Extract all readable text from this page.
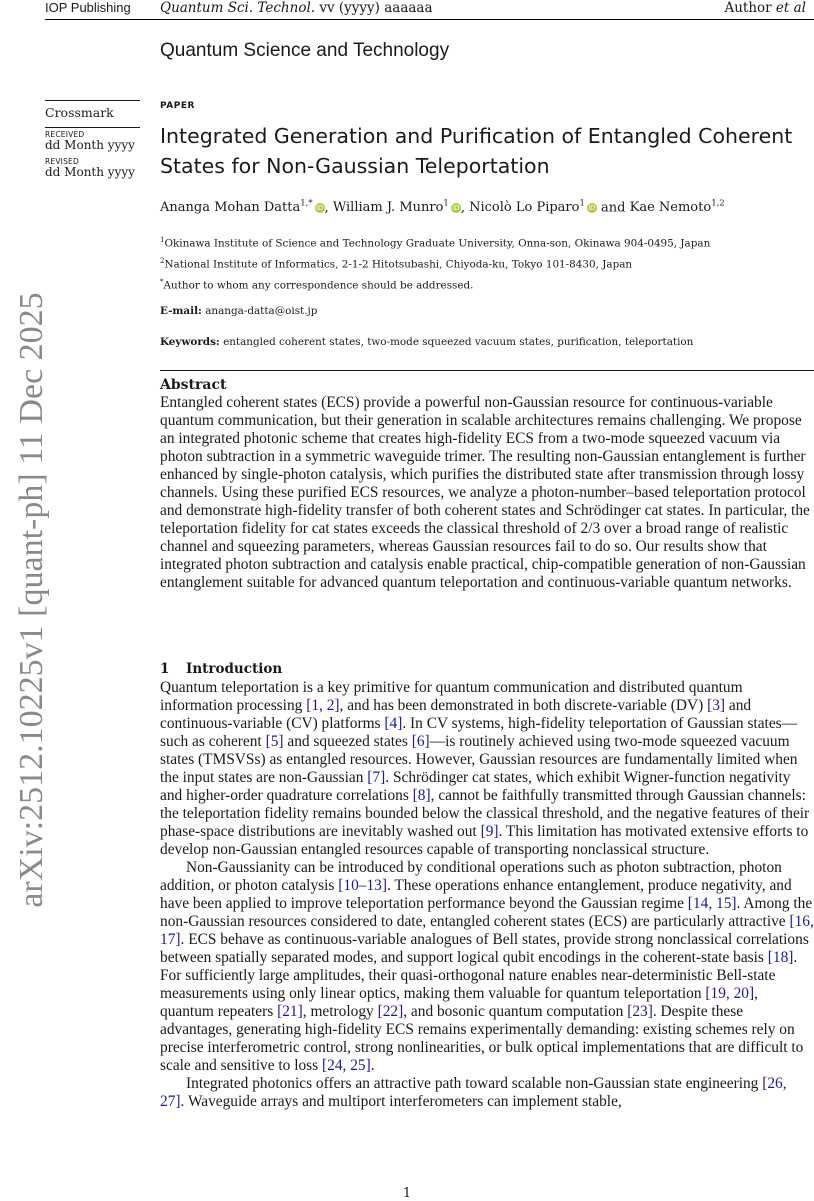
IOP Publishing Quantum Sci. Technol. vv (yyyy) aaaaaa	Author et al
Quantum Science and Technology
arXiv:2512.10225v1 [quant-ph] 11 Dec 2025
Crossmark
RECEIVED
dd Month yyyy
REVISED
dd Month yyyy
PAPER
Integrated Generation and Purification of Entangled Coherent States for Non-Gaussian Teleportation
Ananga Mohan Datta$^{1,*}$ iD, William J. Munro$^1$ iD, Nicolò Lo Piparo$^1$ iD and Kae Nemoto$^{1,2}$
$^1$Okinawa Institute of Science and Technology Graduate University, Onna-son, Okinawa 904-0495, Japan
$^2$National Institute of Informatics, 2-1-2 Hitotsubashi, Chiyoda-ku, Tokyo 101-8430, Japan
*Author to whom any correspondence should be addressed.
E-mail: ananga-datta@oist.jp
Keywords: entangled coherent states, two-mode squeezed vacuum states, purification, teleportation
Abstract

Entangled coherent states (ECS) provide a powerful non-Gaussian resource for continuous-variable quantum communication, but their generation in scalable architectures remains challenging. We propose an integrated photonic scheme that creates high-fidelity ECS from a two-mode squeezed vacuum via photon subtraction in a symmetric waveguide trimer. The resulting non-Gaussian entanglement is further enhanced by single-photon catalysis, which purifies the distributed state after transmission through lossy channels. Using these purified ECS resources, we analyze a photon-number–based teleportation protocol and demonstrate high-fidelity transfer of both coherent states and Schrödinger cat states. In particular, the teleportation fidelity for cat states exceeds the classical threshold of 2/3 over a broad range of realistic channel and squeezing parameters, whereas Gaussian resources fail to do so. Our results show that integrated photon subtraction and catalysis enable practical, chip-compatible generation of non-Gaussian entanglement suitable for advanced quantum teleportation and continuous-variable quantum networks.

1 Introduction

Quantum teleportation is a key primitive for quantum communication and distributed quantum information processing [1, 2], and has been demonstrated in both discrete-variable (DV) [3] and continuous-variable (CV) platforms [4]. In CV systems, high-fidelity teleportation of Gaussian states—such as coherent [5] and squeezed states [6]—is routinely achieved using two-mode squeezed vacuum states (TMSVSs) as entangled resources. However, Gaussian resources are fundamentally limited when the input states are non-Gaussian [7]. Schrödinger cat states, which exhibit Wigner-function negativity and higher-order quadrature correlations [8], cannot be faithfully transmitted through Gaussian channels: the teleportation fidelity remains bounded below the classical threshold, and the negative features of their phase-space distributions are inevitably washed out [9]. This limitation has motivated extensive efforts to develop non-Gaussian entangled resources capable of transporting nonclassical structure.

Non-Gaussianity can be introduced by conditional operations such as photon subtraction, photon addition, or photon catalysis [10–13]. These operations enhance entanglement, produce negativity, and have been applied to improve teleportation performance beyond the Gaussian regime [14, 15]. Among the non-Gaussian resources considered to date, entangled coherent states (ECS) are particularly attractive [16, 17]. ECS behave as continuous-variable analogues of Bell states, provide strong nonclassical correlations between spatially separated modes, and support logical qubit encodings in the coherent-state basis [18]. For sufficiently large amplitudes, their quasi-orthogonal nature enables near-deterministic Bell-state measurements using only linear optics, making them valuable for quantum teleportation [19, 20], quantum repeaters [21], metrology [22], and bosonic quantum computation [23]. Despite these advantages, generating high-fidelity ECS remains experimentally demanding: existing schemes rely on precise interferometric control, strong nonlinearities, or bulk optical implementations that are difficult to scale and sensitive to loss [24, 25].

Integrated photonics offers an attractive path toward scalable non-Gaussian state engineering [26, 27]. Waveguide arrays and multiport interferometers can implement stable,

1
